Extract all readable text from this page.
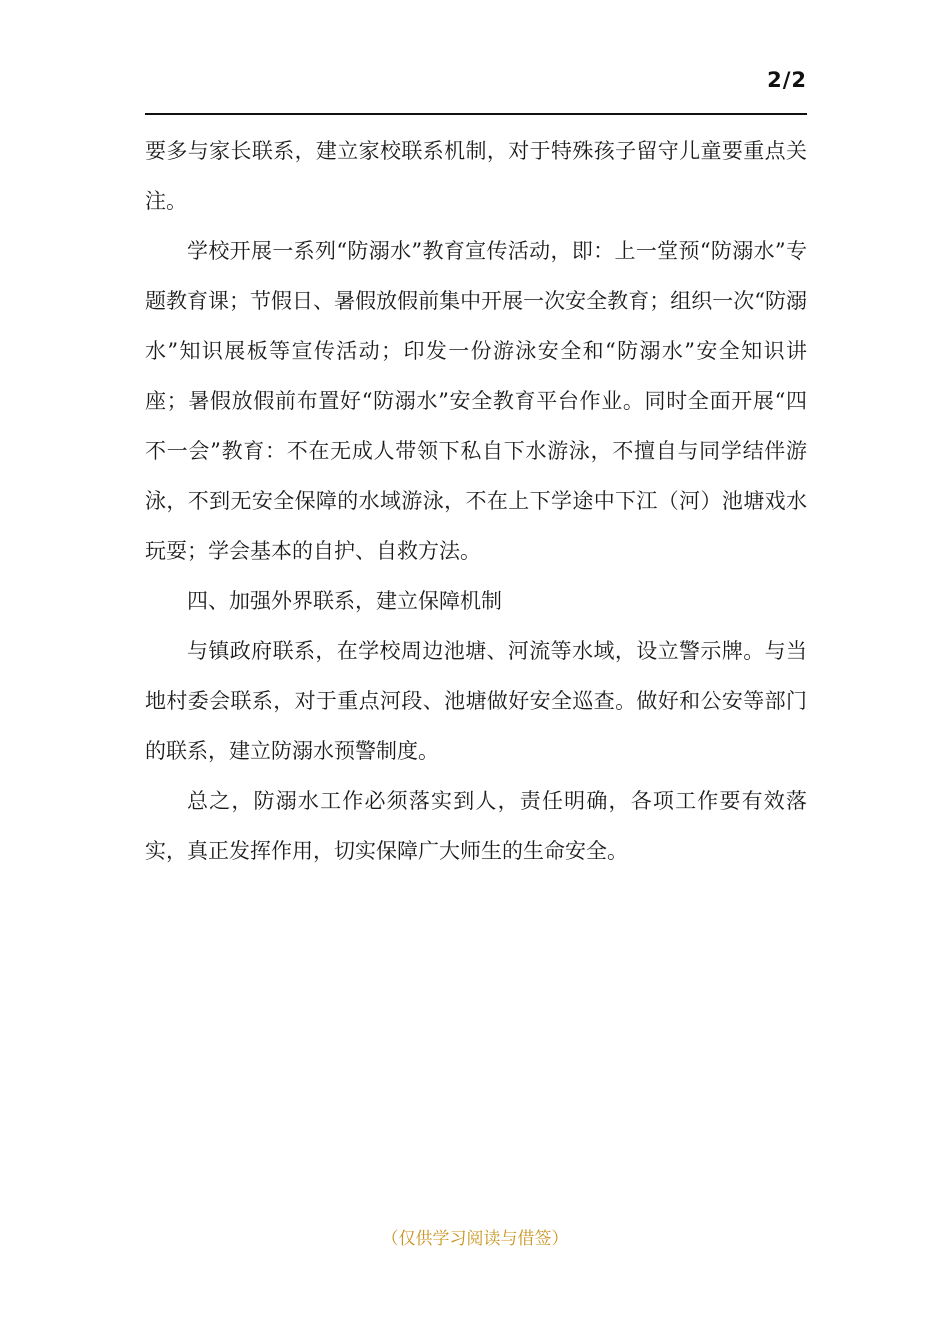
2/2

要多与家长联系，建立家校联系机制，对于特殊孩子留守儿童要重点关注。

学校开展一系列“防溺水”教育宣传活动，即：上一堂预“防溺水”专题教育课；节假日、暑假放假前集中开展一次安全教育；组织一次“防溺水”知识展板等宣传活动；印发一份游泳安全和“防溺水”安全知识讲座；暑假放假前布置好“防溺水”安全教育平台作业。同时全面开展“四不一会”教育：不在无成人带领下私自下水游泳，不擅自与同学结伴游泳，不到无安全保障的水域游泳，不在上下学途中下江（河）池塘戏水玩耍；学会基本的自护、自救方法。

四、加强外界联系，建立保障机制

与镇政府联系，在学校周边池塘、河流等水域，设立警示牌。与当地村委会联系，对于重点河段、池塘做好安全巡查。做好和公安等部门的联系，建立防溺水预警制度。

总之，防溺水工作必须落实到人，责任明确，各项工作要有效落实，真正发挥作用，切实保障广大师生的生命安全。

（仅供学习阅读与借签）
